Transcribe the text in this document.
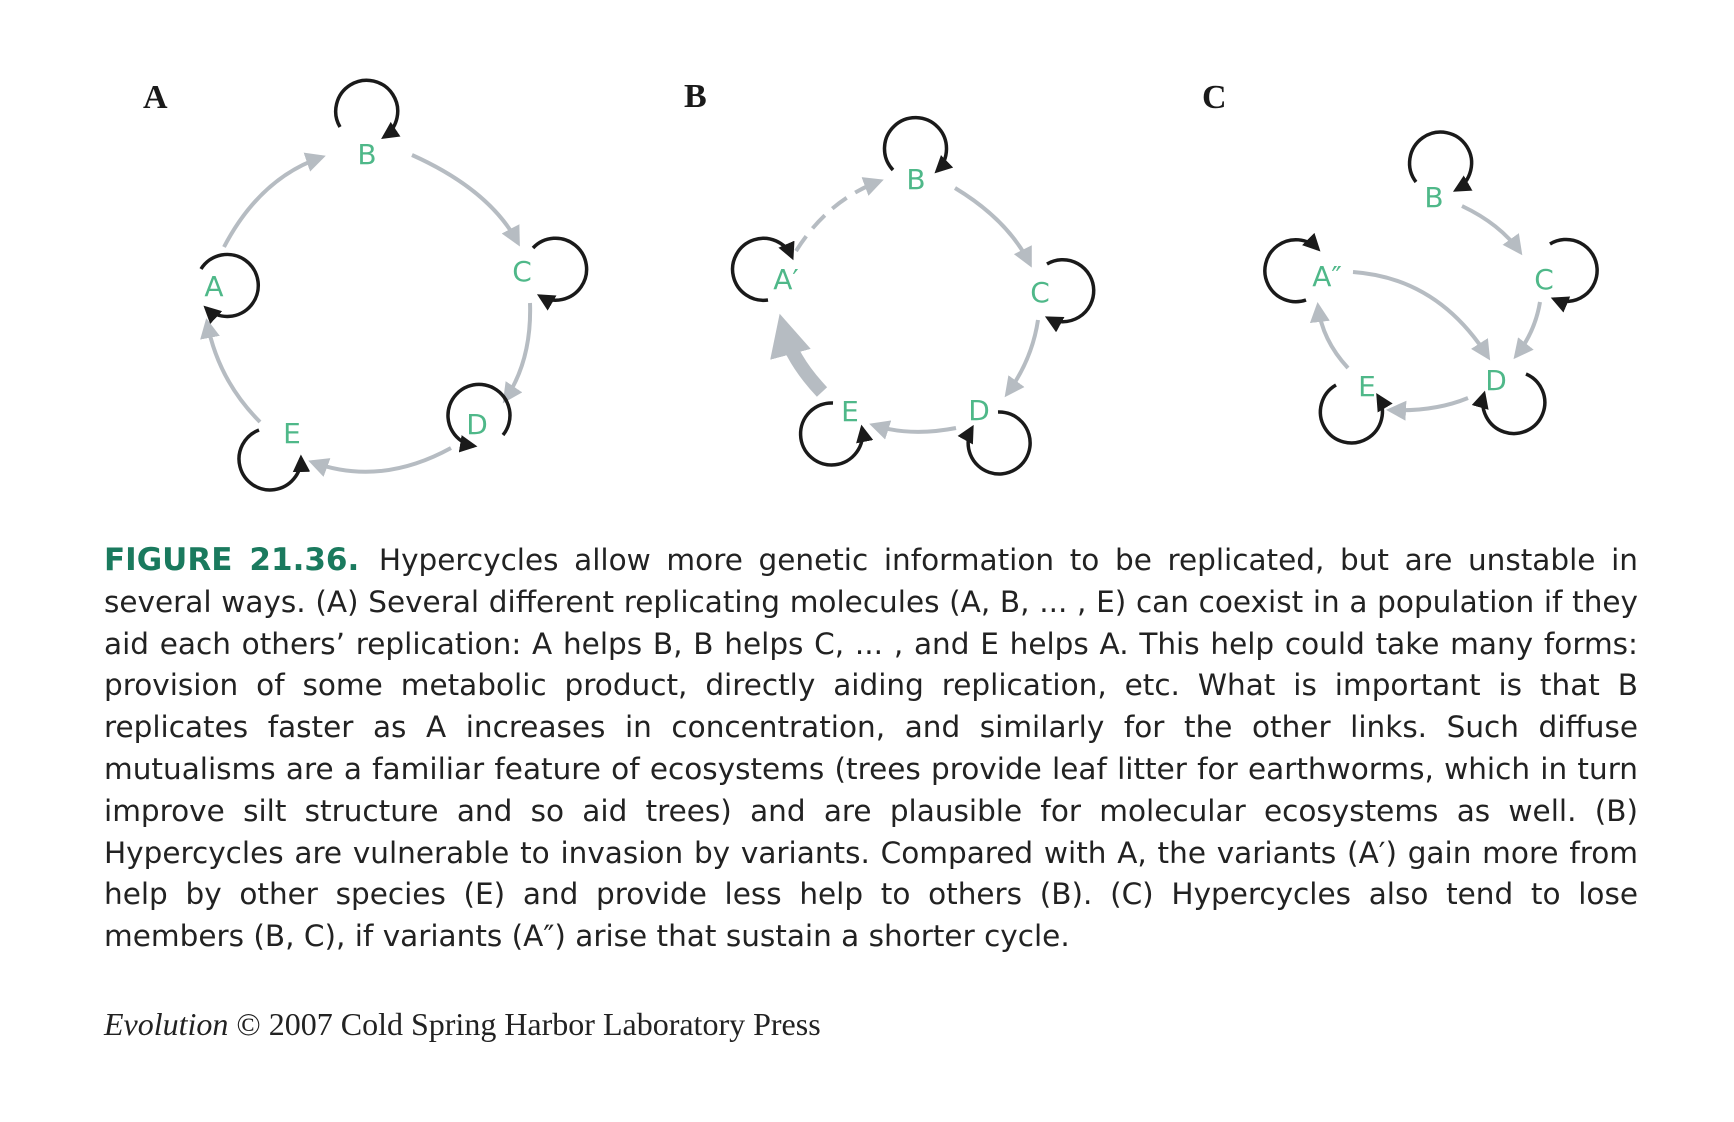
A
B
C
D
E
A
B
B
C
D
E
A′
C
B
C
D
E
A″
FIGURE 21.36. Hypercycles allow more genetic information to be replicated, but are unstable in several ways. (A) Several different replicating molecules (A, B, ... , E) can coexist in a population if they aid each others’ replication: A helps B, B helps C, ... , and E helps A. This help could take many forms: provision of some metabolic product, directly aiding replication, etc. What is important is that B replicates faster as A increases in concentration, and similarly for the other links. Such diffuse mutualisms are a familiar feature of ecosystems (trees provide leaf litter for earthworms, which in turn improve silt structure and so aid trees) and are plausible for molecular ecosystems as well. (B) Hypercycles are vulnerable to invasion by variants. Compared with A, the variants (A′) gain more from help by other species (E) and provide less help to others (B). (C) Hypercycles also tend to lose members (B, C), if variants (A″) arise that sustain a shorter cycle.
Evolution © 2007 Cold Spring Harbor Laboratory Press
